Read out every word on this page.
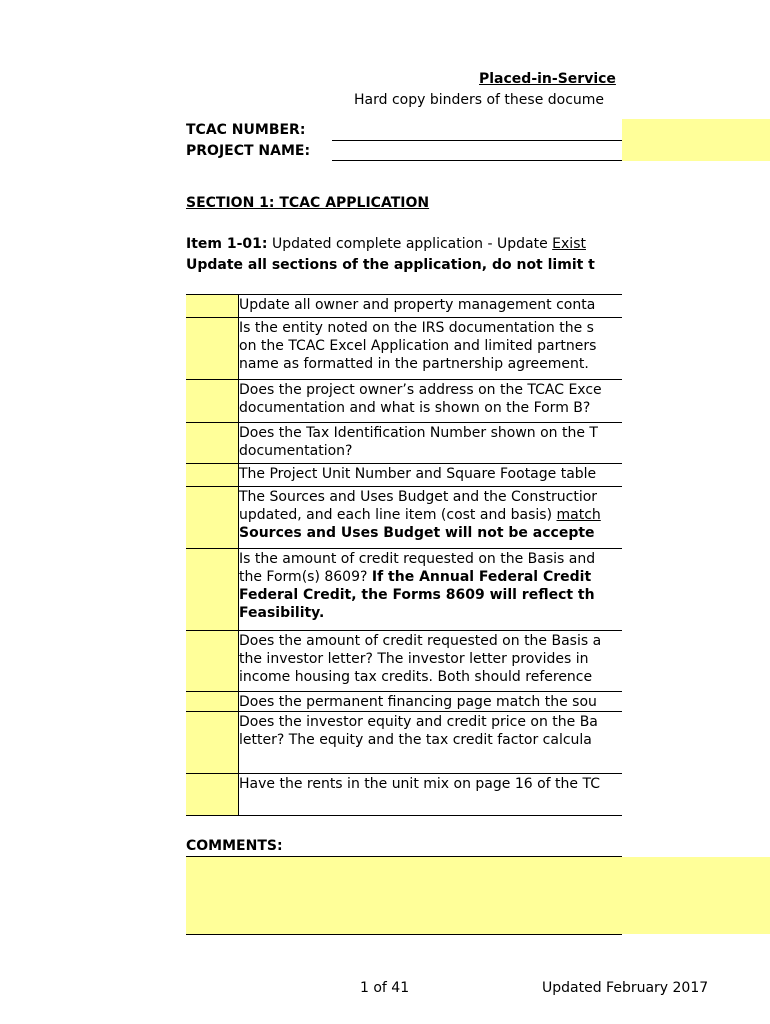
Placed-in-Service
Hard copy binders of these docume
TCAC NUMBER:
PROJECT NAME:
SECTION 1: TCAC APPLICATION
Item 1-01: Updated complete application - Update Exist
Update all sections of the application, do not limit t
Update all owner and property management conta
Is the entity noted on the IRS documentation the s
on the TCAC Excel Application and limited partners
name as formatted in the partnership agreement.
Does the project owner’s address on the TCAC Exce
documentation and what is shown on the Form B?
Does the Tax Identification Number shown on the T
documentation?
The Project Unit Number and Square Footage table
The Sources and Uses Budget and the Constructior
updated, and each line item (cost and basis) match
Sources and Uses Budget will not be accepte
Is the amount of credit requested on the Basis and
the Form(s) 8609? If the Annual Federal Credit
Federal Credit, the Forms 8609 will reflect th
Feasibility.
Does the amount of credit requested on the Basis a
the investor letter? The investor letter provides in
income housing tax credits. Both should reference
Does the permanent financing page match the sou
Does the investor equity and credit price on the Ba
letter? The equity and the tax credit factor calcula
Have the rents in the unit mix on page 16 of the TC
COMMENTS:
1 of 41	Updated February 2017
